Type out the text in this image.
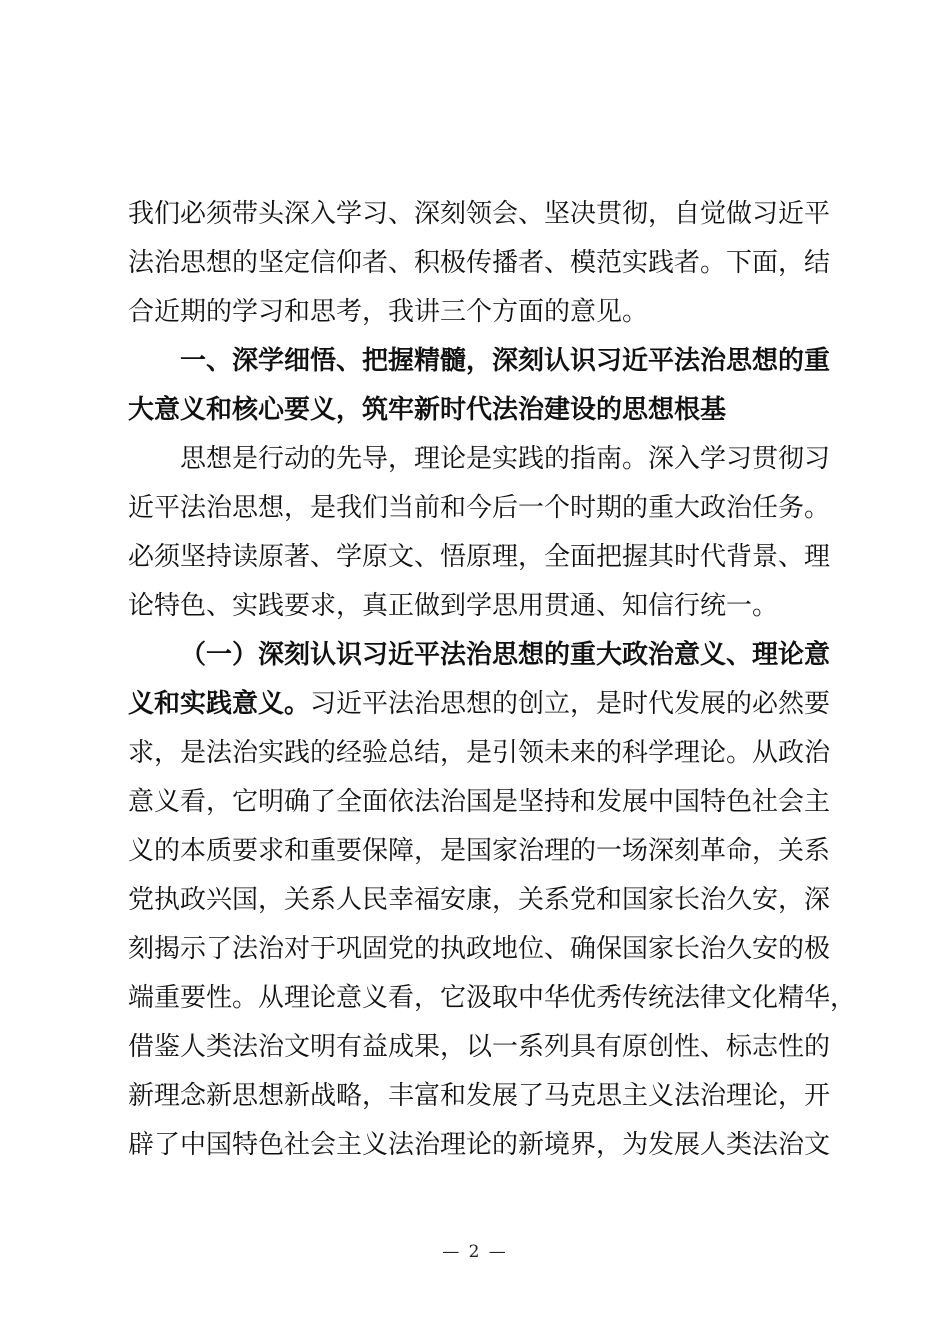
我们必须带头深入学习、深刻领会、坚决贯彻，自觉做习近平
法治思想的坚定信仰者、积极传播者、模范实践者。下面，结
合近期的学习和思考，我讲三个方面的意见。
一、深学细悟、把握精髓，深刻认识习近平法治思想的重
大意义和核心要义，筑牢新时代法治建设的思想根基
思想是行动的先导，理论是实践的指南。深入学习贯彻习
近平法治思想，是我们当前和今后一个时期的重大政治任务。
必须坚持读原著、学原文、悟原理，全面把握其时代背景、理
论特色、实践要求，真正做到学思用贯通、知信行统一。
（一）深刻认识习近平法治思想的重大政治意义、理论意
义和实践意义。习近平法治思想的创立，是时代发展的必然要
求，是法治实践的经验总结，是引领未来的科学理论。从政治
意义看，它明确了全面依法治国是坚持和发展中国特色社会主
义的本质要求和重要保障，是国家治理的一场深刻革命，关系
党执政兴国，关系人民幸福安康，关系党和国家长治久安，深
刻揭示了法治对于巩固党的执政地位、确保国家长治久安的极
端重要性。从理论意义看，它汲取中华优秀传统法律文化精华，
借鉴人类法治文明有益成果，以一系列具有原创性、标志性的
新理念新思想新战略，丰富和发展了马克思主义法治理论，开
辟了中国特色社会主义法治理论的新境界，为发展人类法治文
— 2 —
